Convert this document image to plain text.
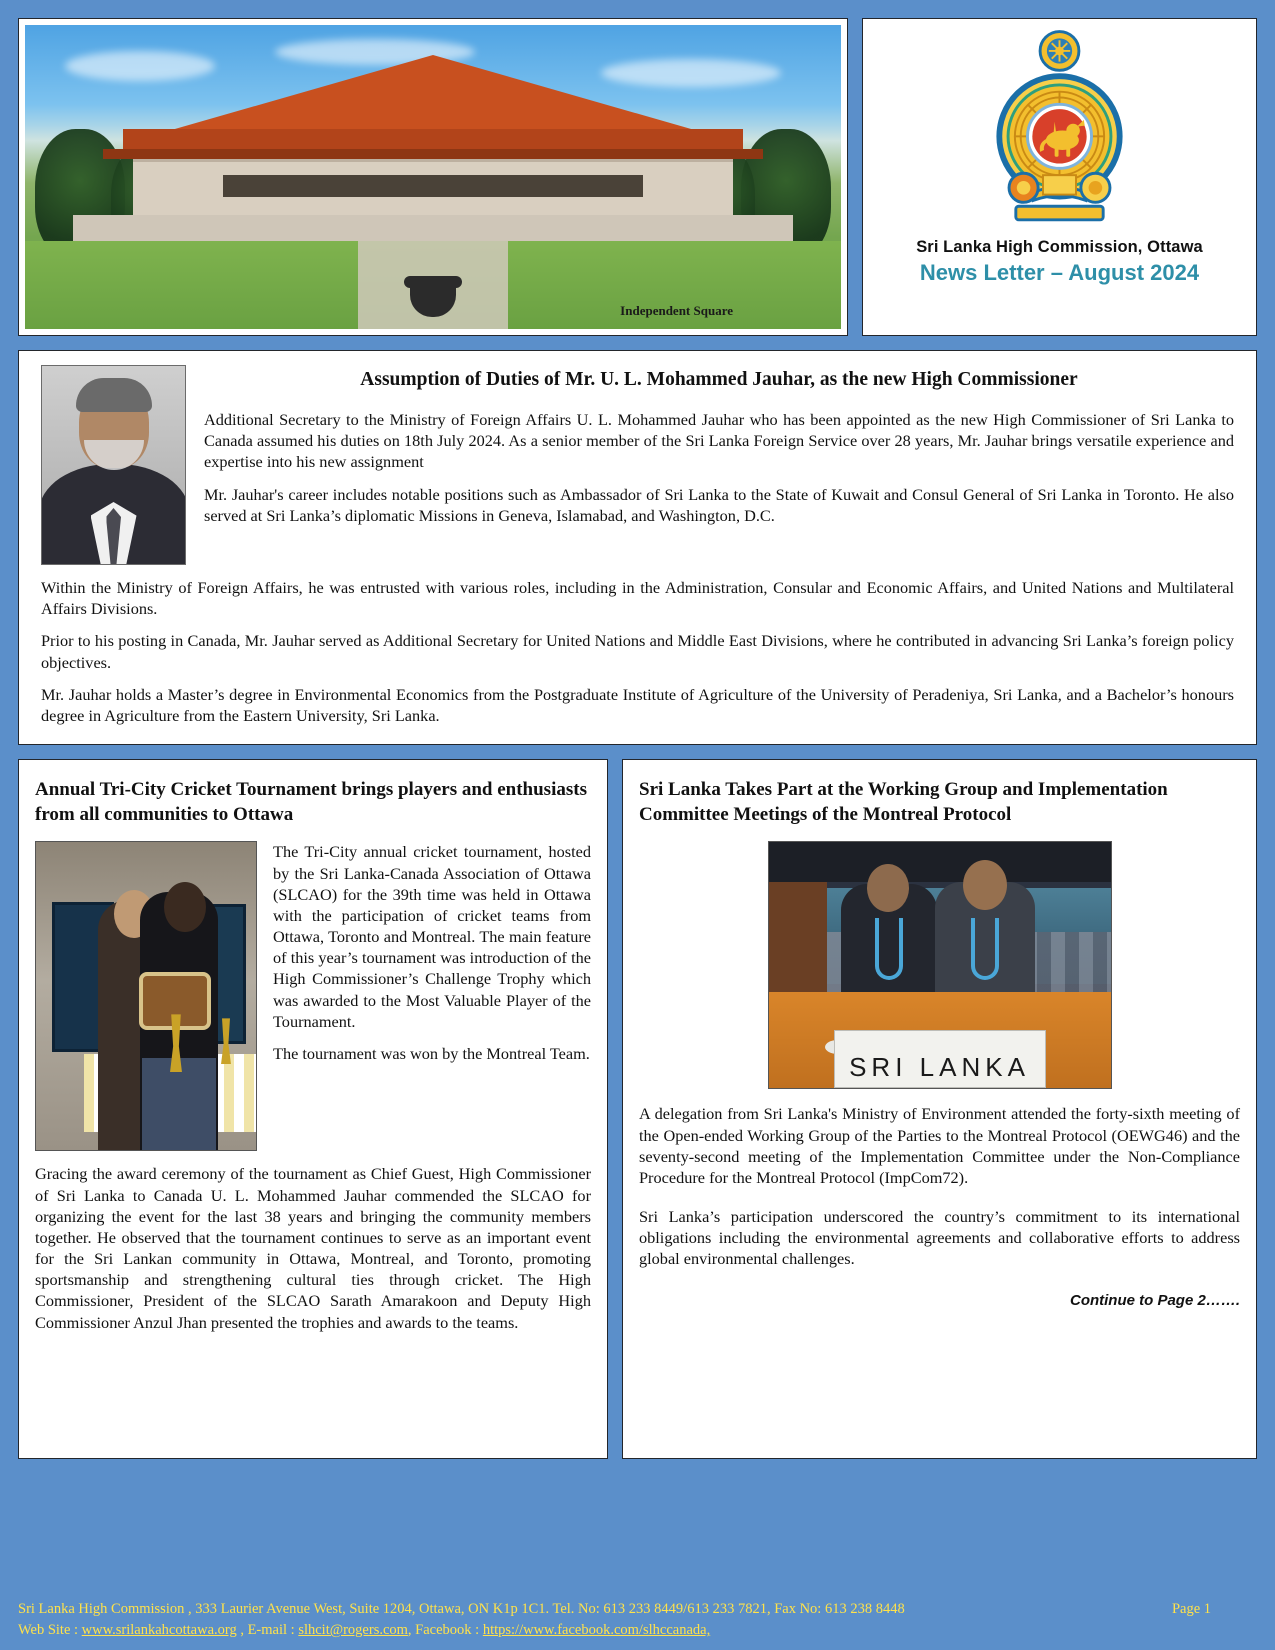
Independent Square
Sri Lanka High Commission, Ottawa
News Letter – August 2024
Assumption of Duties of Mr. U. L. Mohammed Jauhar, as the new High Commissioner

Additional Secretary to the Ministry of Foreign Affairs U. L. Mohammed Jauhar who has been appointed as the new High Commissioner of Sri Lanka to Canada assumed his duties on 18th July 2024. As a senior member of the Sri Lanka Foreign Service over 28 years, Mr. Jauhar brings versatile experience and expertise into his new assignment

Mr. Jauhar's career includes notable positions such as Ambassador of Sri Lanka to the State of Kuwait and Consul General of Sri Lanka in Toronto. He also served at Sri Lanka’s diplomatic Missions in Geneva, Islamabad, and Washington, D.C.

Within the Ministry of Foreign Affairs, he was entrusted with various roles, including in the Administration, Consular and Economic Affairs, and United Nations and Multilateral Affairs Divisions.

Prior to his posting in Canada, Mr. Jauhar served as Additional Secretary for United Nations and Middle East Divisions, where he contributed in advancing Sri Lanka’s foreign policy objectives.

Mr. Jauhar holds a Master’s degree in Environmental Economics from the Postgraduate Institute of Agriculture of the University of Peradeniya, Sri Lanka, and a Bachelor’s honours degree in Agriculture from the Eastern University, Sri Lanka.

Annual Tri-City Cricket Tournament brings players and enthusiasts from all communities to Ottawa

The Tri-City annual cricket tournament, hosted by the Sri Lanka-Canada Association of Ottawa (SLCAO) for the 39th time was held in Ottawa with the participation of cricket teams from Ottawa, Toronto and Montreal. The main feature of this year’s tournament was introduction of the High Commissioner’s Challenge Trophy which was awarded to the Most Valuable Player of the Tournament.

The tournament was won by the Montreal Team.

Gracing the award ceremony of the tournament as Chief Guest, High Commissioner of Sri Lanka to Canada U. L. Mohammed Jauhar commended the SLCAO for organizing the event for the last 38 years and bringing the community members together. He observed that the tournament continues to serve as an important event for the Sri Lankan community in Ottawa, Montreal, and Toronto, promoting sportsmanship and strengthening cultural ties through cricket. The High Commissioner, President of the SLCAO Sarath Amarakoon and Deputy High Commissioner Anzul Jhan presented the trophies and awards to the teams.

Sri Lanka Takes Part at the Working Group and Implementation Committee Meetings of the Montreal Protocol
SRI LANKA

A delegation from Sri Lanka's Ministry of Environment attended the forty-sixth meeting of the Open-ended Working Group of the Parties to the Montreal Protocol (OEWG46) and the seventy-second meeting of the Implementation Committee under the Non-Compliance Procedure for the Montreal Protocol (ImpCom72).

Sri Lanka’s participation underscored the country’s commitment to its international obligations including the environmental agreements and collaborative efforts to address global environmental challenges.

Continue to Page 2…….
Sri Lanka High Commission , 333 Laurier Avenue West, Suite 1204, Ottawa, ON K1p 1C1. Tel. No: 613 233 8449/613 233 7821, Fax No: 613 238 8448	Page 1
Web Site : www.srilankahcottawa.org , E-mail : slhcit@rogers.com, Facebook : https://www.facebook.com/slhccanada,
